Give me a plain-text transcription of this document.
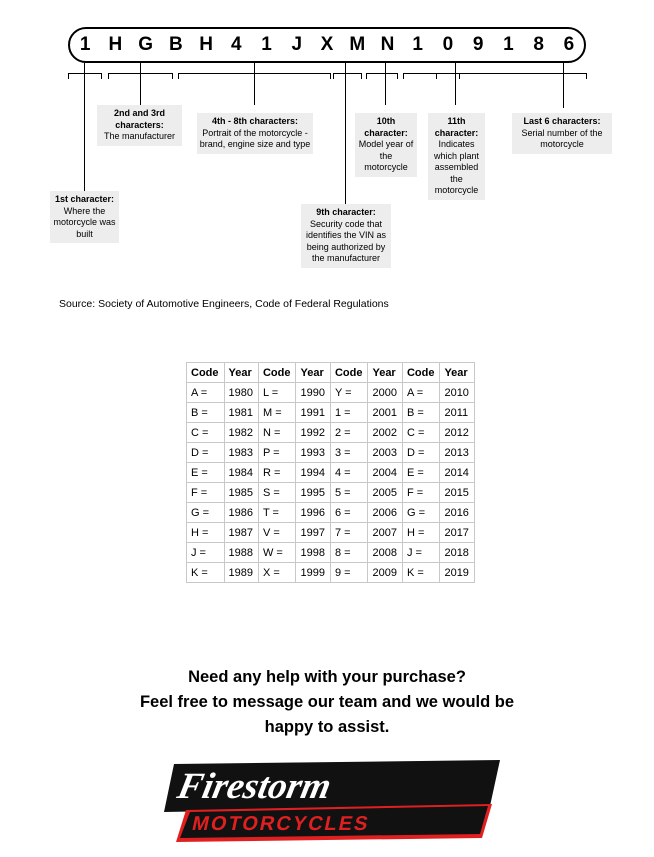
1 H G B H 4	1	J X M N 1	0	9	1	8	6
1st character:
Where the motorcycle was built
2nd and 3rd characters:
The manufacturer
4th - 8th characters:
Portrait of the motorcycle - brand, engine size and type
9th character:
Security code that identifies the VIN as being authorized by the manufacturer
10th character:
Model year of the motorcycle
11th character:
Indicates which plant assembled the motorcycle
Last 6 characters:
Serial number of the motorcycle
Source: Society of Automotive Engineers, Code of Federal Regulations
Code	Year	Code	Year	Code	Year	Code	Year
A =	1980	L =	1990	Y =	2000	A =	2010
B =	1981	M =	1991	1 =	2001	B =	2011
C =	1982	N =	1992	2 =	2002	C =	2012
D =	1983	P =	1993	3 =	2003	D =	2013
E =	1984	R =	1994	4 =	2004	E =	2014
F =	1985	S =	1995	5 =	2005	F =	2015
G =	1986	T =	1996	6 =	2006	G =	2016
H =	1987	V =	1997	7 =	2007	H =	2017
J =	1988	W =	1998	8 =	2008	J =	2018
K =	1989	X =	1999	9 =	2009	K =	2019
Need any help with your purchase?
Feel free to message our team and we would be
happy to assist.
Firestorm
MOTORCYCLES
